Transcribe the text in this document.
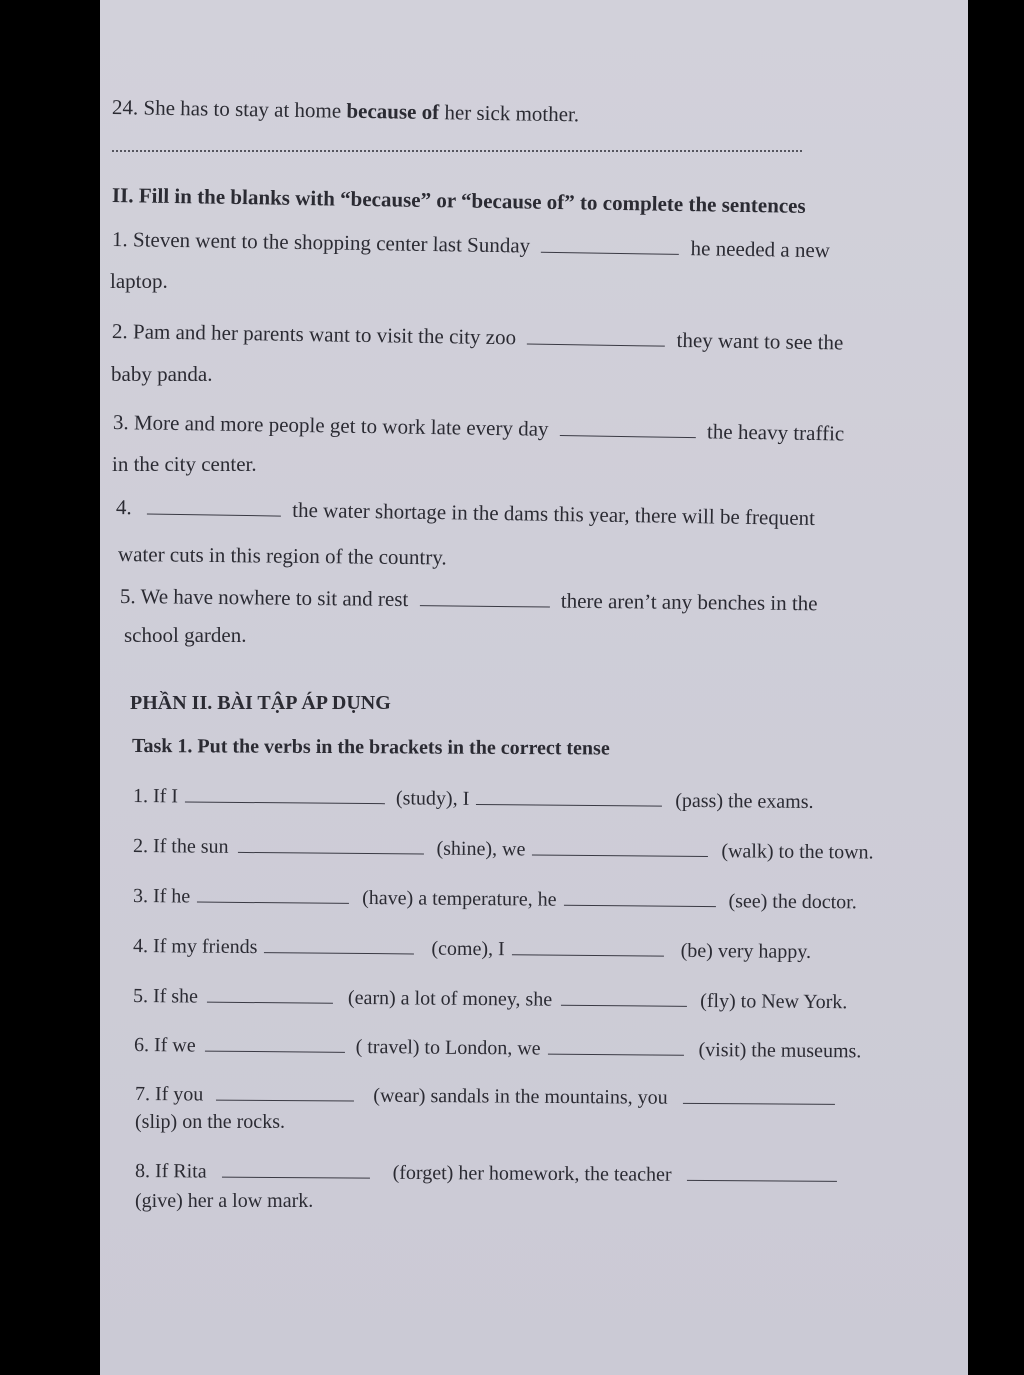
24. She has to stay at home because of her sick mother.
II. Fill in the blanks with “because” or “because of” to complete the sentences
1. Steven went to the shopping center last Sunday	he needed a new
laptop.
2. Pam and her parents want to visit the city zoo	they want to see the
baby panda.
3. More and more people get to work late every day	the heavy traffic
in the city center.
4.	the water shortage in the dams this year, there will be frequent
water cuts in this region of the country.
5. We have nowhere to sit and rest	there aren’t any benches in the
school garden.
PHẦN II. BÀI TẬP ÁP DỤNG
Task 1. Put the verbs in the brackets in the correct tense
1. If I	(study), I	(pass) the exams.
2. If the sun	(shine), we	(walk) to the town.
3. If he	(have) a temperature, he	(see) the doctor.
4. If my friends	(come), I	(be) very happy.
5. If she	(earn) a lot of money, she	(fly) to New York.
6. If we	( travel) to London, we	(visit) the museums.
7. If you	(wear) sandals in the mountains, you
(slip) on the rocks.
8. If Rita	(forget) her homework, the teacher
(give) her a low mark.
